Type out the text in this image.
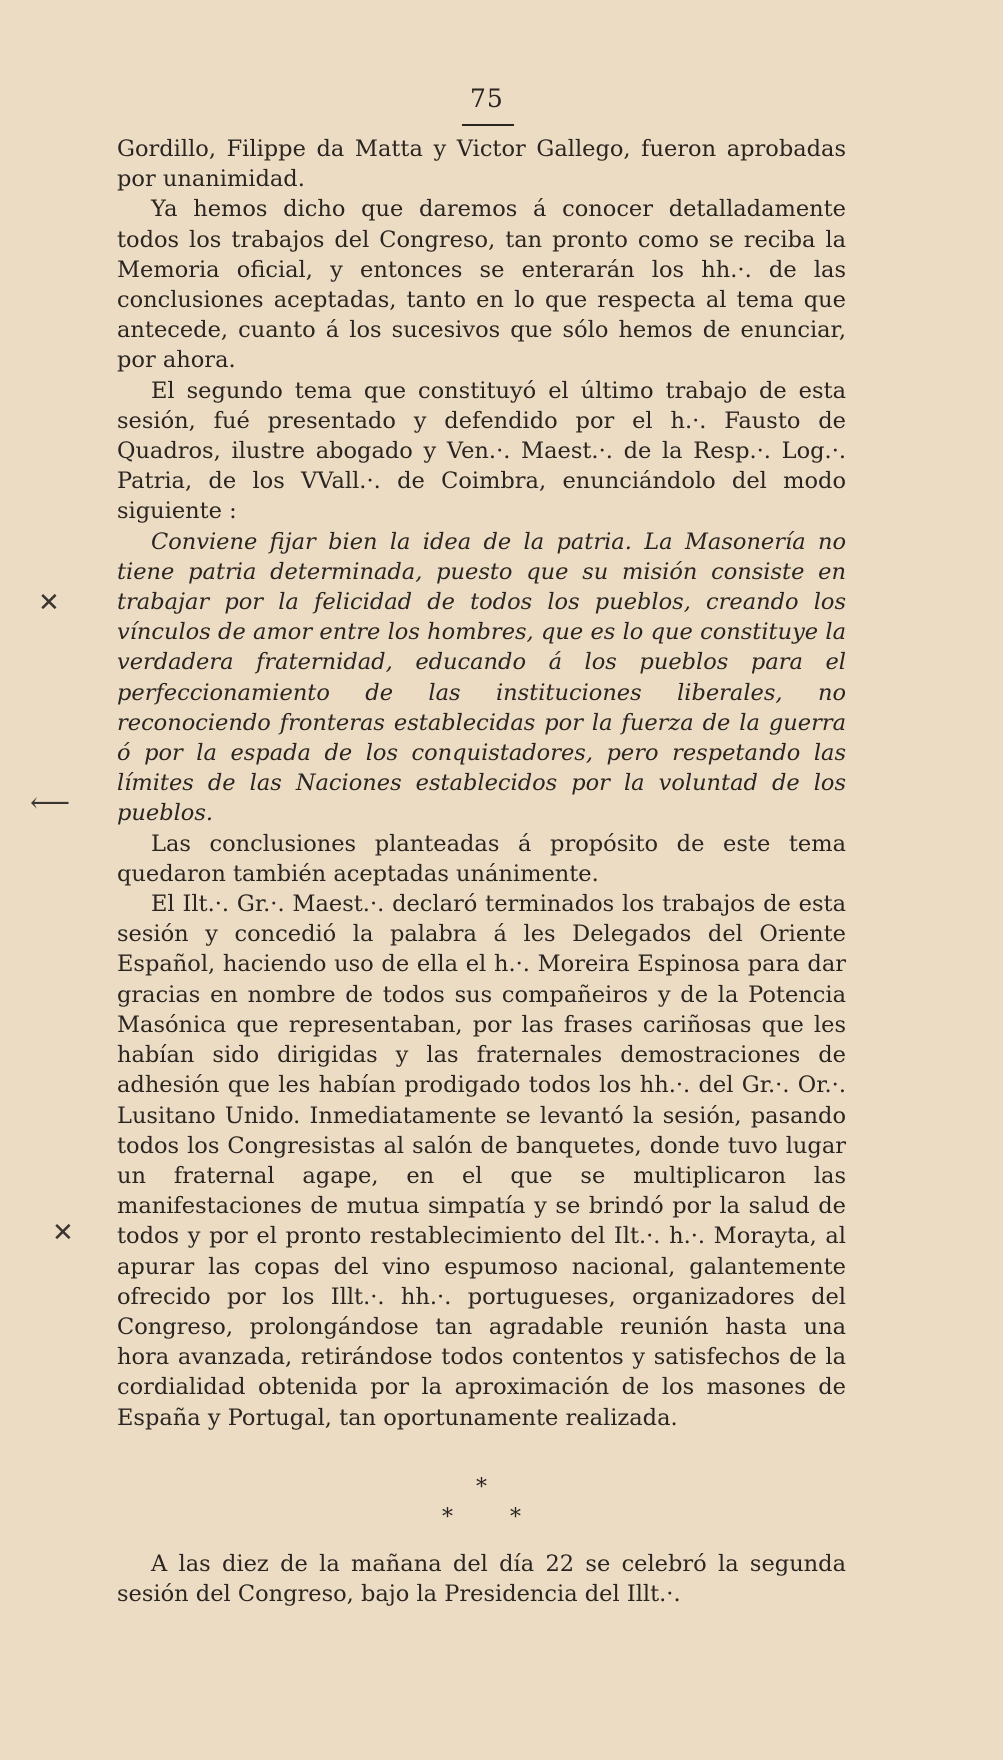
75
✕
⟵
✕

Gordillo, Filippe da Matta y Victor Gallego, fueron aprobadas por unanimidad.

Ya hemos dicho que daremos á conocer detalladamente todos los trabajos del Congreso, tan pronto como se reciba la Memoria oficial, y entonces se enterarán los hh.·. de las conclusiones aceptadas, tanto en lo que respecta al tema que antecede, cuanto á los sucesivos que sólo hemos de enunciar, por ahora.

El segundo tema que constituyó el último trabajo de esta sesión, fué presentado y defendido por el h.·. Fausto de Quadros, ilustre abogado y Ven.·. Maest.·. de la Resp.·. Log.·. Patria, de los VVall.·. de Coimbra, enunciándolo del modo siguiente :

Conviene fijar bien la idea de la patria. La Masonería no tiene patria determinada, puesto que su misión consiste en trabajar por la felicidad de todos los pueblos, creando los vínculos de amor entre los hombres, que es lo que constituye la verdadera fraternidad, educando á los pueblos para el perfeccionamiento de las instituciones liberales, no reconociendo fronteras establecidas por la fuerza de la guerra ó por la espada de los conquistadores, pero respetando las límites de las Naciones establecidos por la voluntad de los pueblos.

Las conclusiones planteadas á propósito de este tema quedaron también aceptadas unánimente.

El Ilt.·. Gr.·. Maest.·. declaró terminados los trabajos de esta sesión y concedió la palabra á les Delegados del Oriente Español, haciendo uso de ella el h.·. Moreira Espinosa para dar gracias en nombre de todos sus compañeiros y de la Potencia Masónica que representaban, por las frases cariñosas que les habían sido dirigidas y las fraternales demostraciones de adhesión que les habían prodigado todos los hh.·. del Gr.·. Or.·. Lusitano Unido. Inmediatamente se levantó la sesión, pasando todos los Congresistas al salón de banquetes, donde tuvo lugar un fraternal agape, en el que se multiplicaron las manifestaciones de mutua simpatía y se brindó por la salud de todos y por el pronto restablecimiento del Ilt.·. h.·. Morayta, al apurar las copas del vino espumoso nacional, galantemente ofrecido por los Illt.·. hh.·. portugueses, organizadores del Congreso, prolongándose tan agradable reunión hasta una hora avanzada, retirándose todos contentos y satisfechos de la cordialidad obtenida por la aproximación de los masones de España y Portugal, tan oportunamente realizada.

*
*	*

A las diez de la mañana del día 22 se celebró la segunda sesión del Congreso, bajo la Presidencia del Illt.·.
